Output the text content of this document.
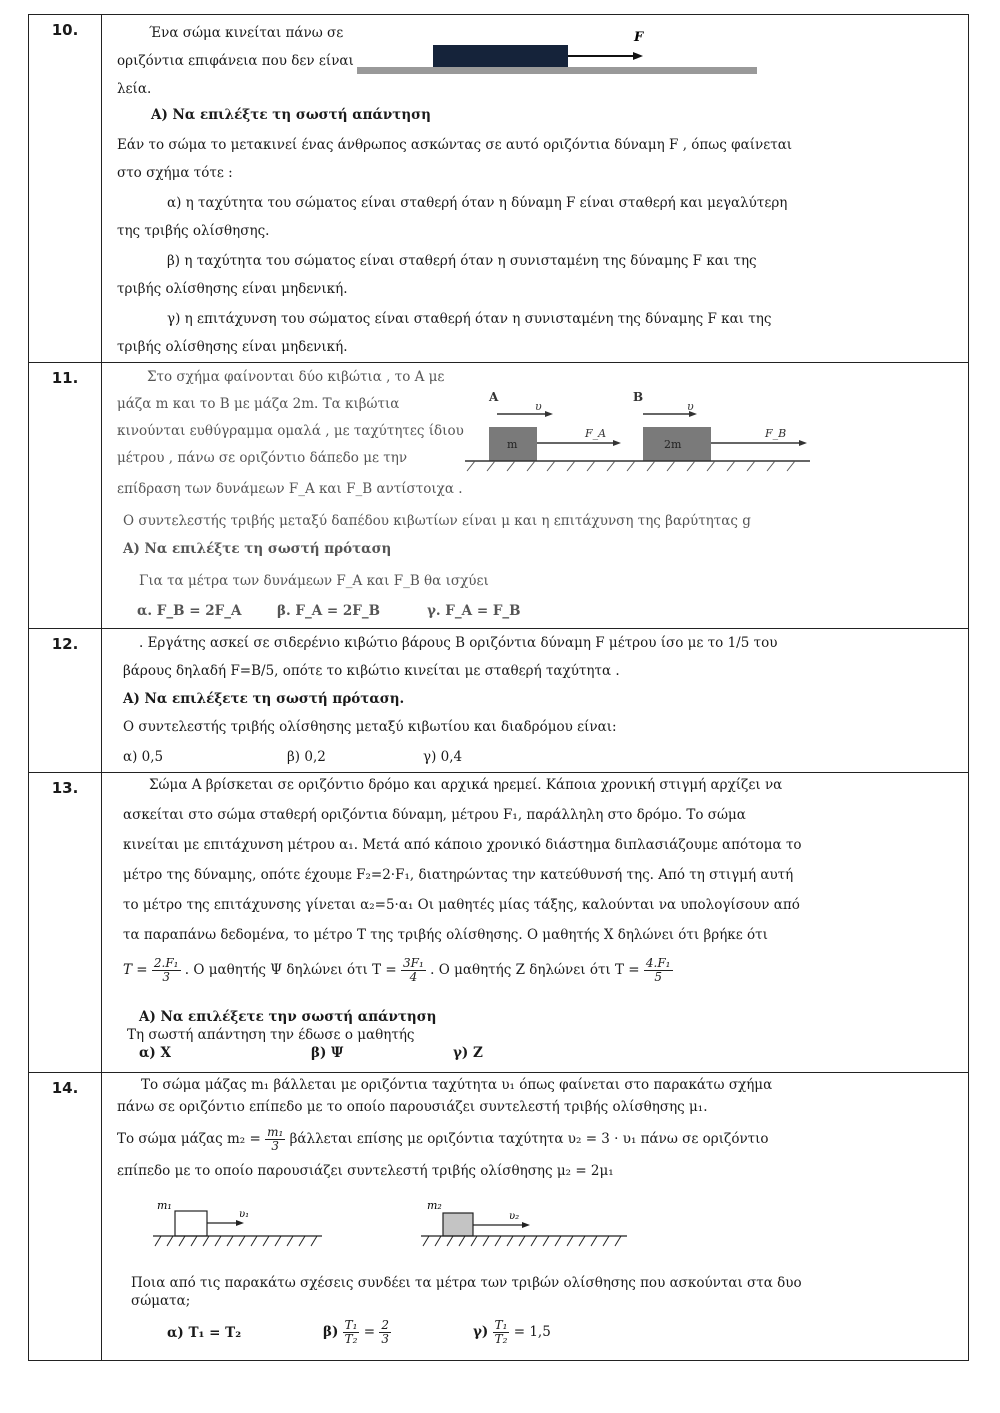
10.	Ένα σώμα κινείται πάνω σε
οριζόντια επιφάνεια που δεν είναι
λεία.
F
Α) Να επιλέξτε τη σωστή απάντηση
Εάν το σώμα το μετακινεί ένας άνθρωπος ασκώντας σε αυτό οριζόντια δύναμη F , όπως φαίνεται
στο σχήμα τότε :
α) η ταχύτητα του σώματος είναι σταθερή όταν η δύναμη F είναι σταθερή και μεγαλύτερη
της τριβής ολίσθησης.
β) η ταχύτητα του σώματος είναι σταθερή όταν η συνισταμένη της δύναμης F και της
τριβής ολίσθησης είναι μηδενική.
γ) η επιτάχυνση του σώματος είναι σταθερή όταν η συνισταμένη της δύναμης F και της
τριβής ολίσθησης είναι μηδενική.
11.	Στο σχήμα φαίνονται δύο κιβώτια , το Α με
μάζα m και το Β με μάζα 2m. Τα κιβώτια
κινούνται ευθύγραμμα ομαλά , με ταχύτητες ίδιου
μέτρου , πάνω σε οριζόντιο δάπεδο με την
επίδραση των δυνάμεων F_A και F_B αντίστοιχα .
A	B
υ	υ
m
F_A
2m
F_B
Ο συντελεστής τριβής μεταξύ δαπέδου κιβωτίων είναι μ και η επιτάχυνση της βαρύτητας g
Α) Να επιλέξτε τη σωστή πρόταση
Για τα μέτρα των δυνάμεων F_A και F_B θα ισχύει
α. F_B = 2F_A	β. F_A = 2F_B	γ. F_A = F_B
12.	. Εργάτης ασκεί σε σιδερένιο κιβώτιο βάρους B οριζόντια δύναμη F μέτρου ίσο με το 1/5 του
βάρους δηλαδή F=B/5, οπότε το κιβώτιο κινείται με σταθερή ταχύτητα .
Α) Να επιλέξετε τη σωστή πρόταση.
Ο συντελεστής τριβής ολίσθησης μεταξύ κιβωτίου και διαδρόμου είναι:
α) 0,5	β) 0,2	γ) 0,4
13.	Σώμα Α βρίσκεται σε οριζόντιο δρόμο και αρχικά ηρεμεί. Κάποια χρονική στιγμή αρχίζει να
ασκείται στο σώμα σταθερή οριζόντια δύναμη, μέτρου F₁, παράλληλη στο δρόμο. Το σώμα
κινείται με επιτάχυνση μέτρου α₁. Μετά από κάποιο χρονικό διάστημα διπλασιάζουμε απότομα το
μέτρο της δύναμης, οπότε έχουμε F₂=2·F₁, διατηρώντας την κατεύθυνσή της. Από τη στιγμή αυτή
το μέτρο της επιτάχυνσης γίνεται α₂=5·α₁ Οι μαθητές μίας τάξης, καλούνται να υπολογίσουν από
τα παραπάνω δεδομένα, το μέτρο Τ της τριβής ολίσθησης. Ο μαθητής Χ δηλώνει ότι βρήκε ότι
$T = \frac{\text{2.F₁}}{3}$ . Ο μαθητής Ψ δηλώνει ότι $T = \frac{\text{3F₁}}{4}$ . Ο μαθητής Ζ δηλώνει ότι $T = \frac{\text{4.F₁}}{5}$
Α) Να επιλέξετε την σωστή απάντηση
Τη σωστή απάντηση την έδωσε ο μαθητής
α) Χ	β) Ψ	γ) Ζ
14.	Το σώμα μάζας m₁ βάλλεται με οριζόντια ταχύτητα υ₁ όπως φαίνεται στο παρακάτω σχήμα
πάνω σε οριζόντιο επίπεδο με το οποίο παρουσιάζει συντελεστή τριβής ολίσθησης μ₁.
Το σώμα μάζας $m_2 = \frac{\text{m₁}}{3}$ βάλλεται επίσης με οριζόντια ταχύτητα υ₂ = 3 · υ₁ πάνω σε οριζόντιο
επίπεδο με το οποίο παρουσιάζει συντελεστή τριβής ολίσθησης μ₂ = 2μ₁
m₁
υ₁
m₂
υ₂
Ποια από τις παρακάτω σχέσεις συνδέει τα μέτρα των τριβών ολίσθησης που ασκούνται στα δυο
σώματα;
α) T₁ = T₂	$\beta) \frac{\text{T₁}}{\text{T₂}} = \frac{2}{3}$	$\gamma) \frac{\text{T₁}}{\text{T₂}} = 1,5$
